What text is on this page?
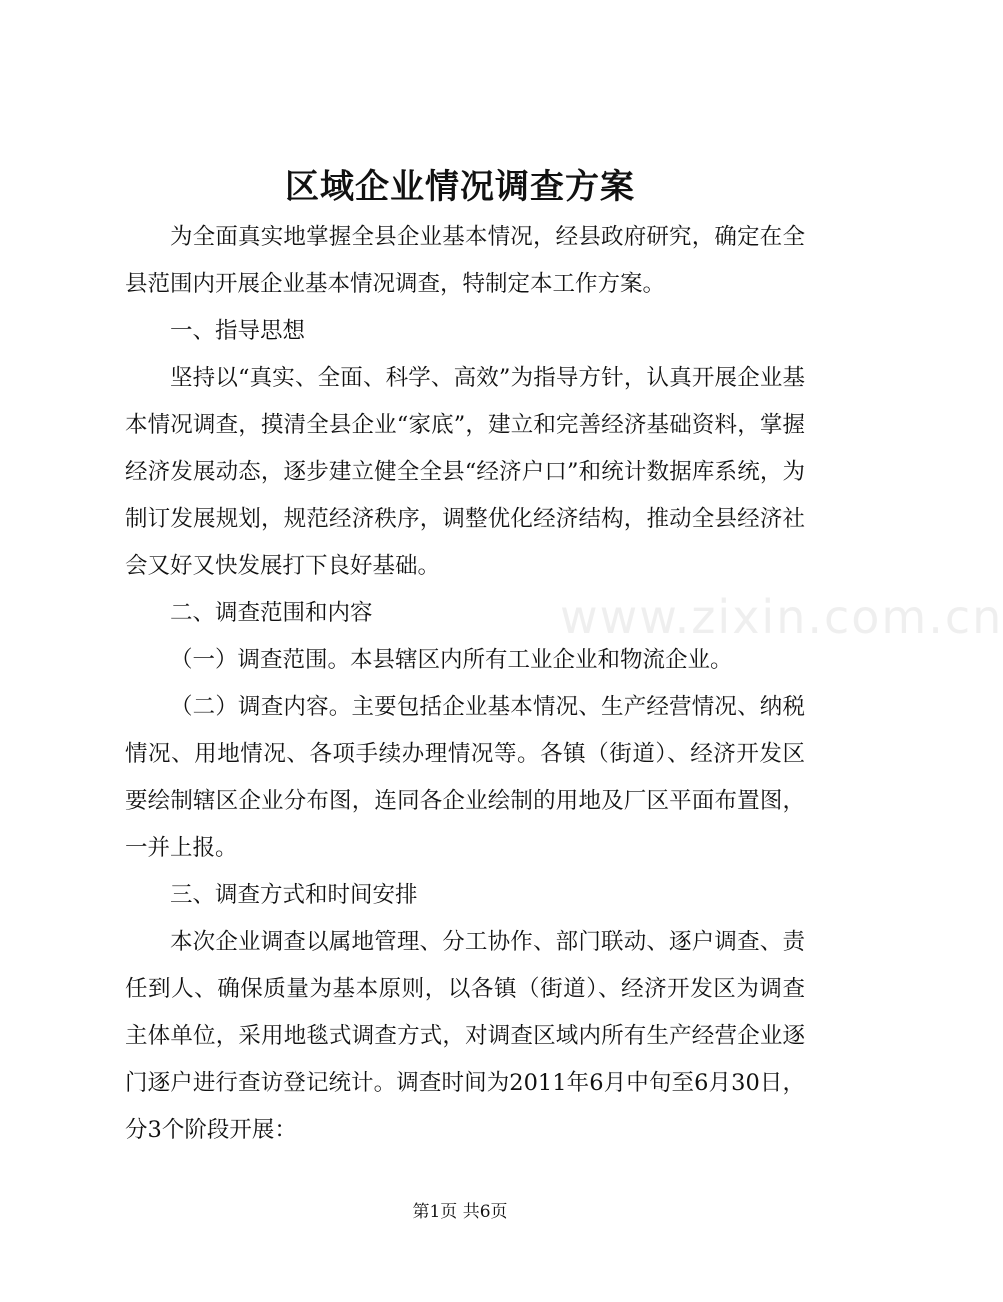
区域企业情况调查方案

为全面真实地掌握全县企业基本情况，经县政府研究，确定在全县范围内开展企业基本情况调查，特制定本工作方案。

一、指导思想

坚持以“真实、全面、科学、高效”为指导方针，认真开展企业基本情况调查，摸清全县企业“家底”，建立和完善经济基础资料，掌握经济发展动态，逐步建立健全全县“经济户口”和统计数据库系统，为制订发展规划，规范经济秩序，调整优化经济结构，推动全县经济社会又好又快发展打下良好基础。

二、调查范围和内容

（一）调查范围。本县辖区内所有工业企业和物流企业。

（二）调查内容。主要包括企业基本情况、生产经营情况、纳税情况、用地情况、各项手续办理情况等。各镇（街道）、经济开发区要绘制辖区企业分布图，连同各企业绘制的用地及厂区平面布置图，一并上报。

三、调查方式和时间安排

本次企业调查以属地管理、分工协作、部门联动、逐户调查、责任到人、确保质量为基本原则，以各镇（街道）、经济开发区为调查主体单位，采用地毯式调查方式，对调查区域内所有生产经营企业逐门逐户进行查访登记统计。调查时间为2011年6月中旬至6月30日，分3个阶段开展：

www.zixin.com.cn
第1页 共6页
